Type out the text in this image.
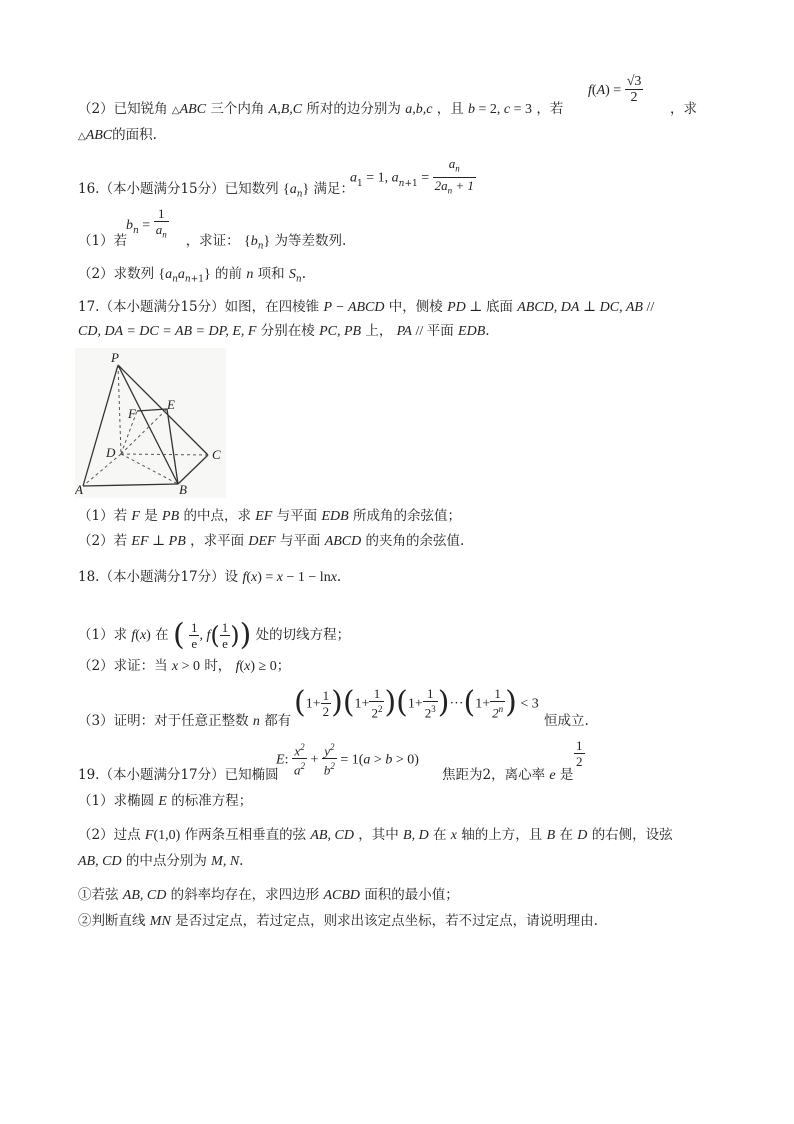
（2）已知锐角 △ABC 三个内角 A,B,C 所对的边分别为 a,b,c ，且 b = 2, c = 3 ，若
$f(A) = \frac{√3}{2}$
，求
△ABC的面积.
$a_1 = 1$, $a_{n+1} = \frac{a_n}{2a_n + 1}$
16.（本小题满分15分）已知数列 $\{a_n\}$ 满足：
$b_n = \frac{1}{a_n}$
（1）若	，求证： $\{b_n\}$ 为等差数列.
（2）求数列 $\{a_na_{n+1}\}$ 的前 n 项和 $S_n$.
17.（本小题满分15分）如图，在四棱锥 P − ABCD 中，侧棱 PD ⊥ 底面 ABCD, DA ⊥ DC, AB //
CD, DA = DC = AB = DP, E, F 分别在棱 PC, PB 上， PA // 平面 EDB.
P
F
E
D	C
A	B
（1）若 F 是 PB 的中点，求 EF 与平面 EDB 所成角的余弦值；
（2）若 EF ⊥ PB ，求平面 DEF 与平面 ABCD 的夹角的余弦值.
18.（本小题满分17分）设 f(x) = x − 1 − lnx.
（1）求 f(x) 在 ( $\frac{1}{e}$ , $f( \frac{1}{e}$ )) 处的切线方程；
（2）求证：当 x > 0 时， f(x) ≥ 0；
（3）证明：对于任意正整数 n 都有
$(1+ \frac{1}{2} )(1+ \frac{1}{2^2} )(1+ \frac{1}{2^3} )\cdot\cdot\cdot(1+ \frac{1}{2^n}$ ) < 3
恒成立.
E: $\frac{x^2}{a^2} + \frac{y^2}{b^2} = 1(a > b > 0)$	$\frac{1}{2}$
19.（本小题满分17分）已知椭圆	焦距为2，离心率 e 是
（1）求椭圆 E 的标准方程；
（2）过点 F(1,0) 作两条互相垂直的弦 AB, CD ，其中 B, D 在 x 轴的上方，且 B 在 D 的右侧，设弦
AB, CD 的中点分别为 M, N.
①若弦 AB, CD 的斜率均存在，求四边形 ACBD 面积的最小值；
②判断直线 MN 是否过定点，若过定点，则求出该定点坐标，若不过定点，请说明理由.
